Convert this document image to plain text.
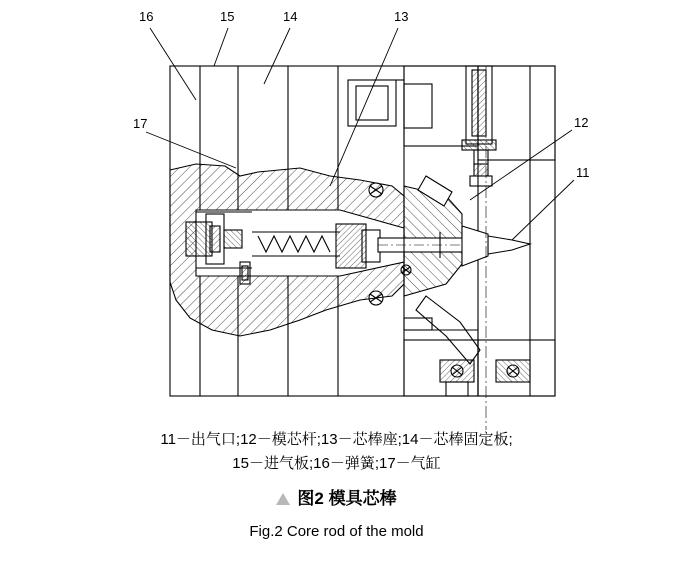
16	15	14	13
12
11
17
11－出气口;12－模芯杆;13－芯棒座;14－芯棒固定板;
15－进气板;16－弹簧;17－气缸
图2 模具芯棒
Fig.2 Core rod of the mold
